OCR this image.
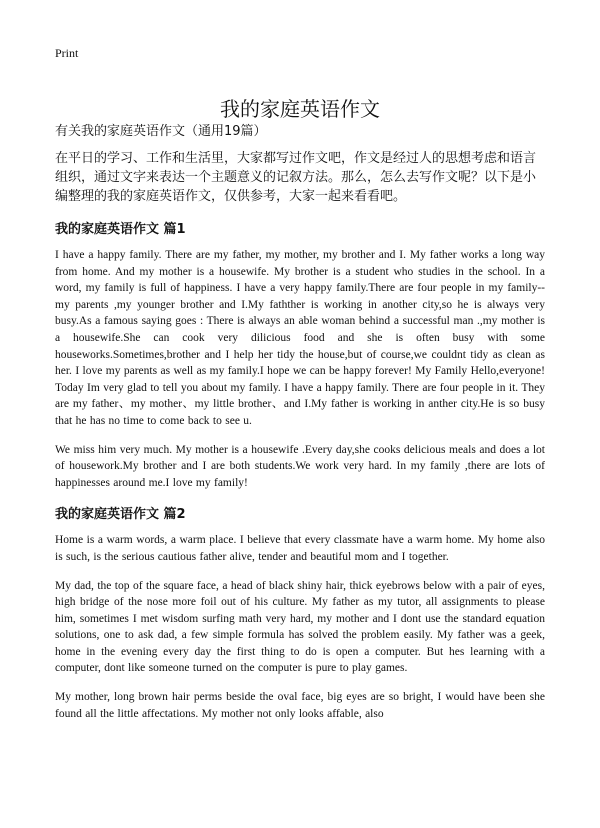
Print
我的家庭英语作文

有关我的家庭英语作文（通用19篇）

在平日的学习、工作和生活里，大家都写过作文吧，作文是经过人的思想考虑和语言组织，通过文字来表达一个主题意义的记叙方法。那么，怎么去写作文呢？以下是小编整理的我的家庭英语作文，仅供参考，大家一起来看看吧。

我的家庭英语作文 篇1

I have a happy family. There are my father, my mother, my brother and I. My father works a long way from home. And my mother is a housewife. My brother is a student who studies in the school. In a word, my family is full of happiness. I have a very happy family.There are four people in my family--my parents ,my younger brother and I.My fathther is working in another city,so he is always very busy.As a famous saying goes : There is always an able woman behind a successful man .,my mother is a housewife.She can cook very dilicious food and she is often busy with some houseworks.Sometimes,brother and I help her tidy the house,but of course,we couldnt tidy as clean as her. I love my parents as well as my family.I hope we can be happy forever! My Family Hello,everyone! Today Im very glad to tell you about my family. I have a happy family. There are four people in it. They are my father、my mother、my little brother、and I.My father is working in anther city.He is so busy that he has no time to come back to see u.

We miss him very much. My mother is a housewife .Every day,she cooks delicious meals and does a lot of housework.My brother and I are both students.We work very hard. In my family ,there are lots of happinesses around me.I love my family!

我的家庭英语作文 篇2

Home is a warm words, a warm place. I believe that every classmate have a warm home. My home also is such, is the serious cautious father alive, tender and beautiful mom and I together.

My dad, the top of the square face, a head of black shiny hair, thick eyebrows below with a pair of eyes, high bridge of the nose more foil out of his culture. My father as my tutor, all assignments to please him, sometimes I met wisdom surfing math very hard, my mother and I dont use the standard equation solutions, one to ask dad, a few simple formula has solved the problem easily. My father was a geek, home in the evening every day the first thing to do is open a computer. But hes learning with a computer, dont like someone turned on the computer is pure to play games.

My mother, long brown hair perms beside the oval face, big eyes are so bright, I would have been she found all the little affectations. My mother not only looks affable, also
